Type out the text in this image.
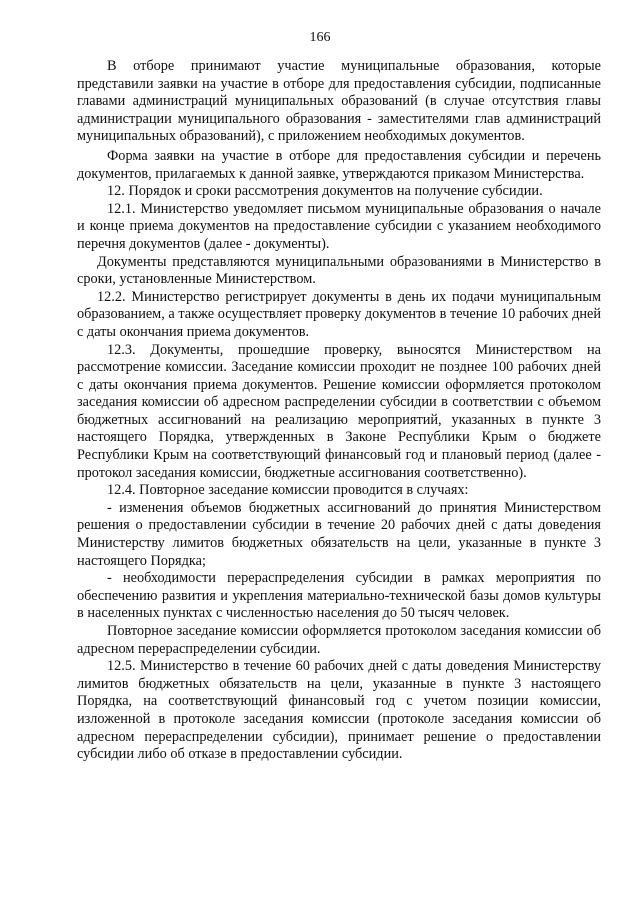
166

В отборе принимают участие муниципальные образования, которые представили заявки на участие в отборе для предоставления субсидии, подписанные главами администраций муниципальных образований (в случае отсутствия главы администрации муниципального образования - заместителями глав администраций муниципальных образований), с приложением необходимых документов.

Форма заявки на участие в отборе для предоставления субсидии и перечень документов, прилагаемых к данной заявке, утверждаются приказом Министерства.

12. Порядок и сроки рассмотрения документов на получение субсидии.

12.1. Министерство уведомляет письмом муниципальные образования о начале и конце приема документов на предоставление субсидии с указанием необходимого перечня документов (далее - документы).

Документы представляются муниципальными образованиями в Министерство в сроки, установленные Министерством.

12.2. Министерство регистрирует документы в день их подачи муниципальным образованием, а также осуществляет проверку документов в течение 10 рабочих дней с даты окончания приема документов.

12.3. Документы, прошедшие проверку, выносятся Министерством на рассмотрение комиссии. Заседание комиссии проходит не позднее 100 рабочих дней с даты окончания приема документов. Решение комиссии оформляется протоколом заседания комиссии об адресном распределении субсидии в соответствии с объемом бюджетных ассигнований на реализацию мероприятий, указанных в пункте 3 настоящего Порядка, утвержденных в Законе Республики Крым о бюджете Республики Крым на соответствующий финансовый год и плановый период (далее - протокол заседания комиссии, бюджетные ассигнования соответственно).

12.4. Повторное заседание комиссии проводится в случаях:

- изменения объемов бюджетных ассигнований до принятия Министерством решения о предоставлении субсидии в течение 20 рабочих дней с даты доведения Министерству лимитов бюджетных обязательств на цели, указанные в пункте 3 настоящего Порядка;

- необходимости перераспределения субсидии в рамках мероприятия по обеспечению развития и укрепления материально-технической базы домов культуры в населенных пунктах с численностью населения до 50 тысяч человек.

Повторное заседание комиссии оформляется протоколом заседания комиссии об адресном перераспределении субсидии.

12.5. Министерство в течение 60 рабочих дней с даты доведения Министерству лимитов бюджетных обязательств на цели, указанные в пункте 3 настоящего Порядка, на соответствующий финансовый год с учетом позиции комиссии, изложенной в протоколе заседания комиссии (протоколе заседания комиссии об адресном перераспределении субсидии), принимает решение о предоставлении субсидии либо об отказе в предоставлении субсидии.
